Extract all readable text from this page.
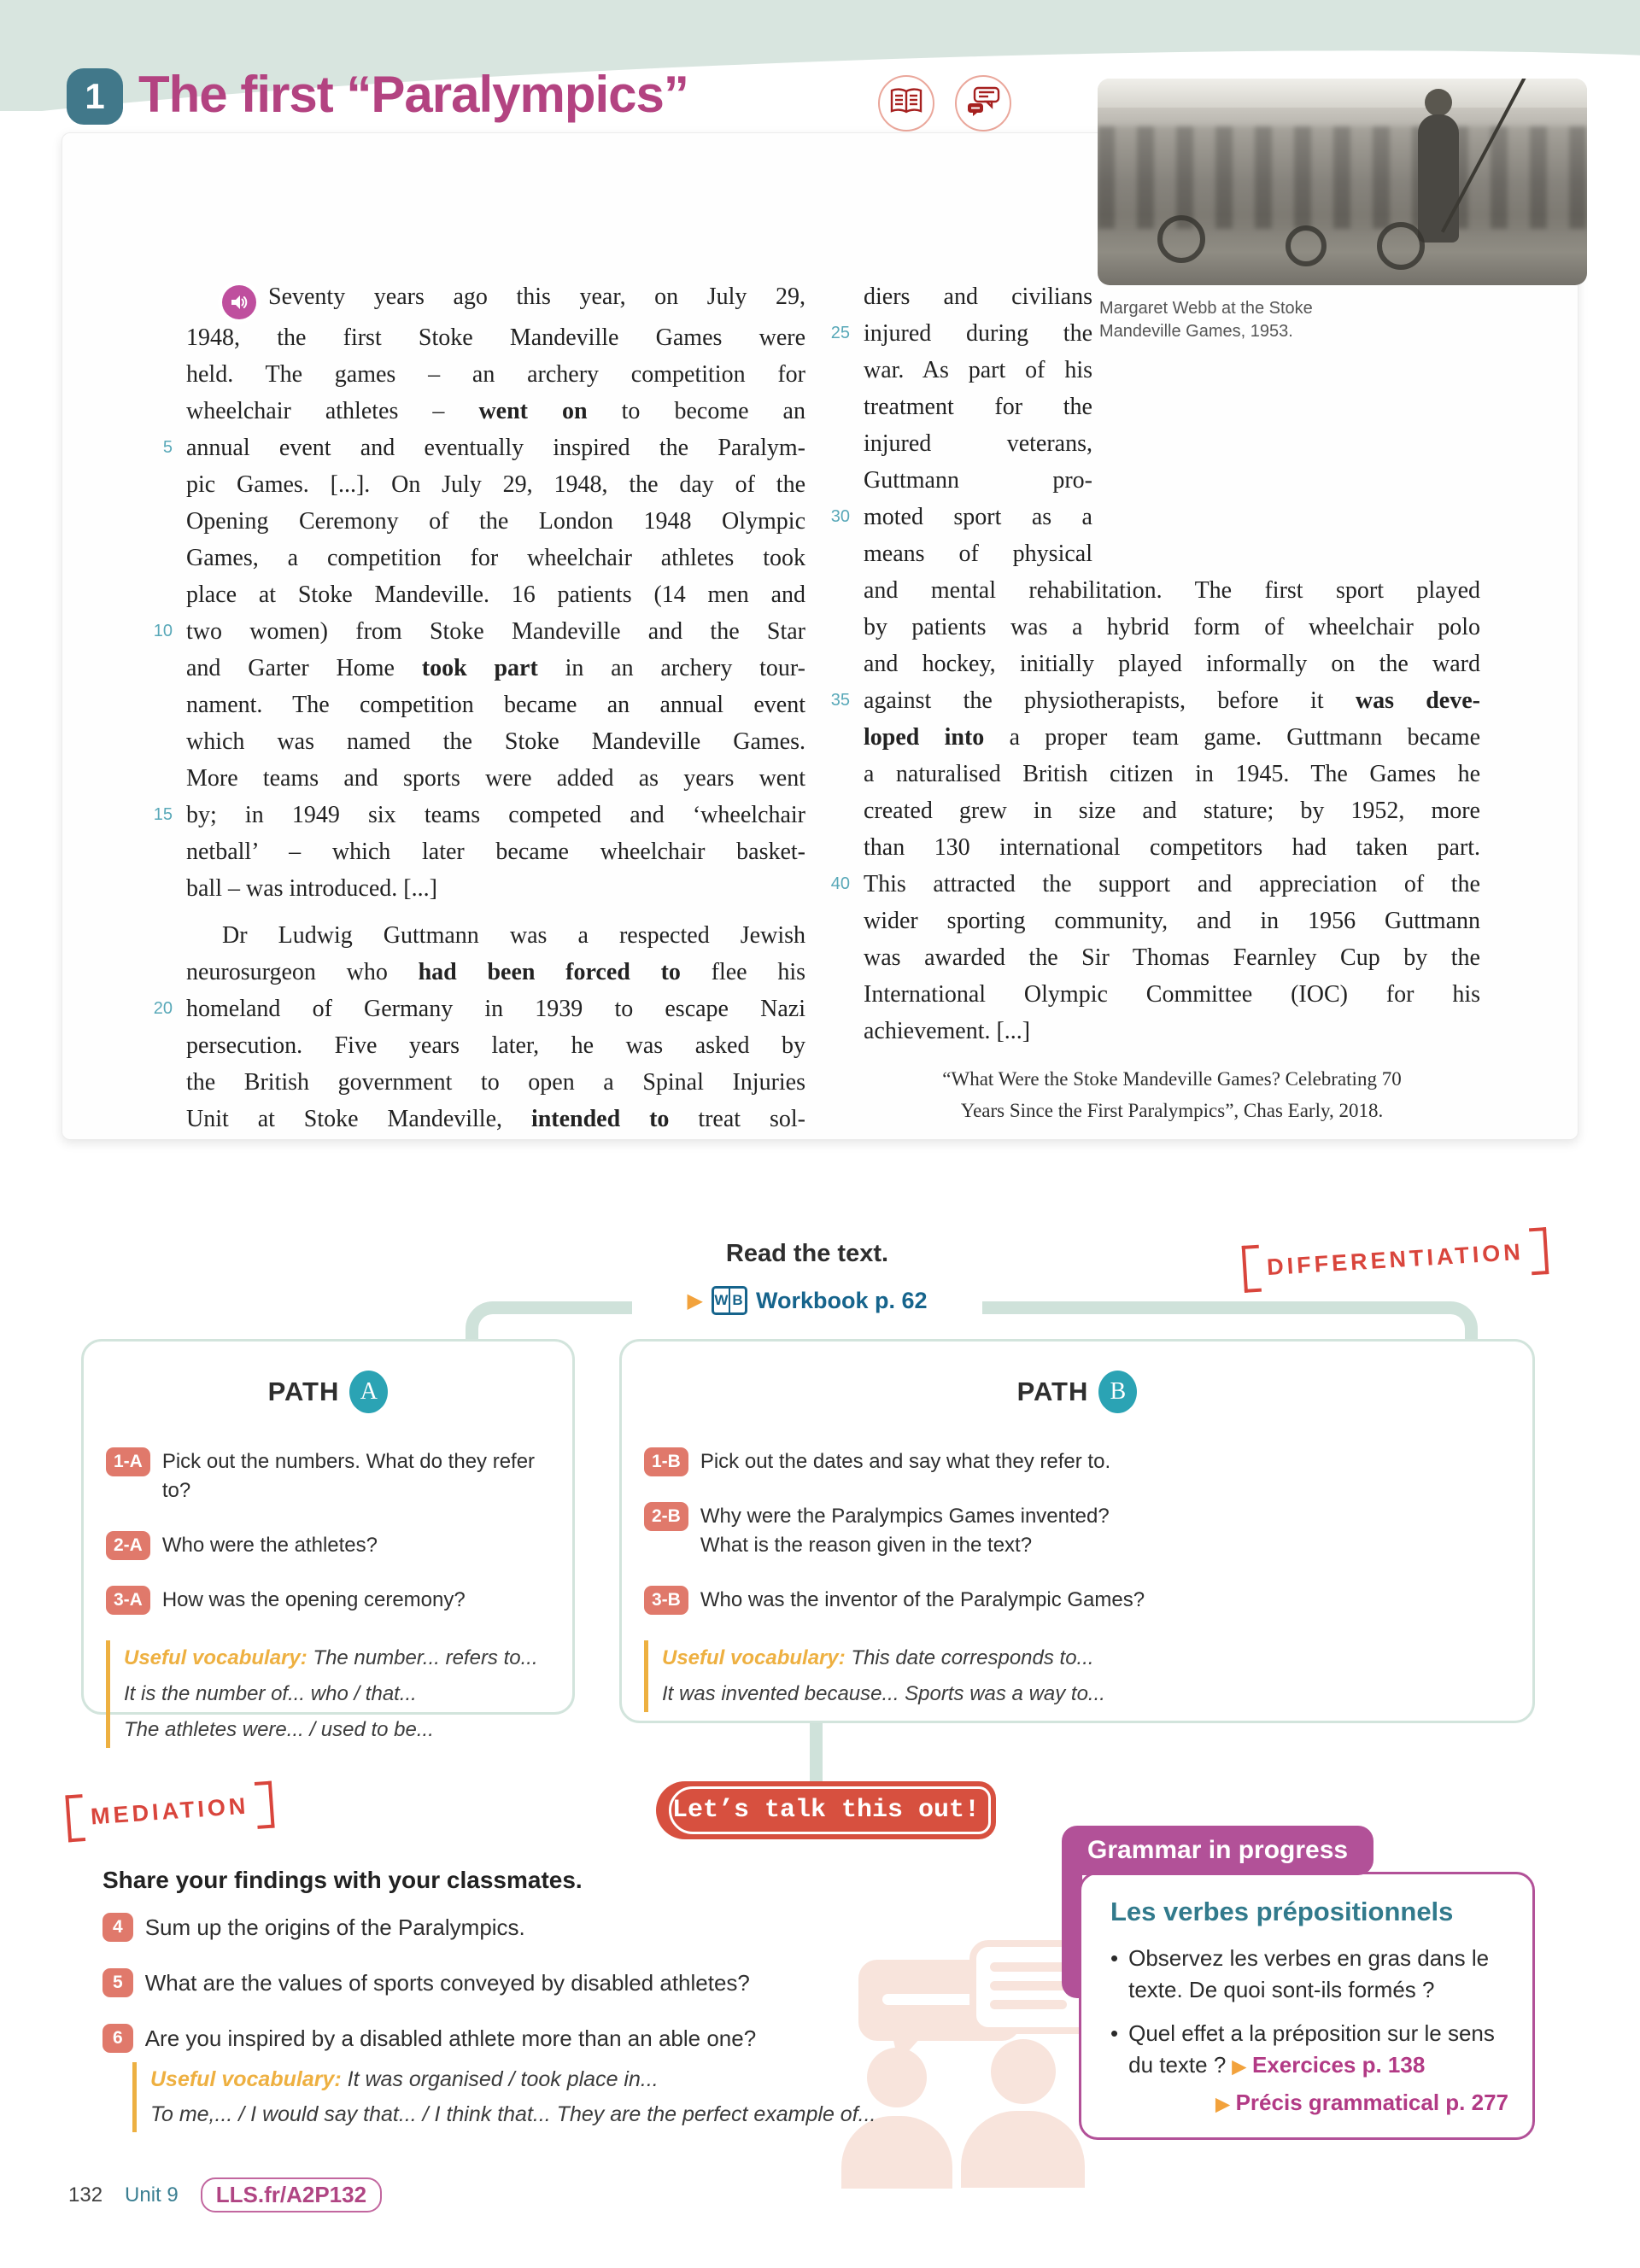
1 The first “Paralympics”
Seventy years ago this year, on July 29,
1948, the first Stoke Mandeville Games were
held. The games – an archery competition for
wheelchair athletes – went on to become an
5 annual event and eventually inspired the Paralym-
pic Games. [...]. On July 29, 1948, the day of the
Opening Ceremony of the London 1948 Olympic
Games, a competition for wheelchair athletes took
place at Stoke Mandeville. 16 patients (14 men and
10 two women) from Stoke Mandeville and the Star
and Garter Home took part in an archery tour-
nament. The competition became an annual event
which was named the Stoke Mandeville Games.
More teams and sports were added as years went
15 by; in 1949 six teams competed and ‘wheelchair
netball’ – which later became wheelchair basket-
ball – was introduced. [...]
Dr Ludwig Guttmann was a respected Jewish
neurosurgeon who had been forced to flee his
20 homeland of Germany in 1939 to escape Nazi
persecution. Five years later, he was asked by
the British government to open a Spinal Injuries
Unit at Stoke Mandeville, intended to treat sol-
diers and civilians
25 injured during the
war. As part of his
treatment for the
injured veterans,
Guttmann pro-
30 moted sport as a
means of physical
and mental rehabilitation. The first sport played
by patients was a hybrid form of wheelchair polo
and hockey, initially played informally on the ward
35 against the physiotherapists, before it was deve-
loped into a proper team game. Guttmann became
a naturalised British citizen in 1945. The Games he
created grew in size and stature; by 1952, more
than 130 international competitors had taken part.
40 This attracted the support and appreciation of the
wider sporting community, and in 1956 Guttmann
was awarded the Sir Thomas Fearnley Cup by the
International Olympic Committee (IOC) for his
achievement. [...]
“What Were the Stoke Mandeville Games? Celebrating 70
Years Since the First Paralympics”, Chas Early, 2018.
Margaret Webb at the Stoke
Mandeville Games, 1953.
Read the text.
▶ W B Workbook p. 62
DIFFERENTIATION
PATH A
1-A Pick out the numbers. What do they refer to?
2-A Who were the athletes?
3-A How was the opening ceremony?
Useful vocabulary: The number... refers to...
It is the number of... who / that...
The athletes were... / used to be...
PATH B
1-B Pick out the dates and say what they refer to.
2-B Why were the Paralympics Games invented?
What is the reason given in the text?
3-B Who was the inventor of the Paralympic Games?
Useful vocabulary: This date corresponds to...
It was invented because... Sports was a way to...
MEDIATION	Let’s talk this out!
Share your findings with your classmates.
4	Sum up the origins of the Paralympics.
5	What are the values of sports conveyed by disabled athletes?
6	Are you inspired by a disabled athlete more than an able one?
Useful vocabulary: It was organised / took place in...
To me,... / I would say that... / I think that... They are the perfect example of...
Grammar in progress
Les verbes prépositionnels
• Observez les verbes en gras dans le texte. De quoi sont-ils formés ?
• Quel effet a la préposition sur le sens du texte ? ▶ Exercices p. 138
▶ Précis grammatical p. 277
132 Unit 9	LLS.fr/A2P132
